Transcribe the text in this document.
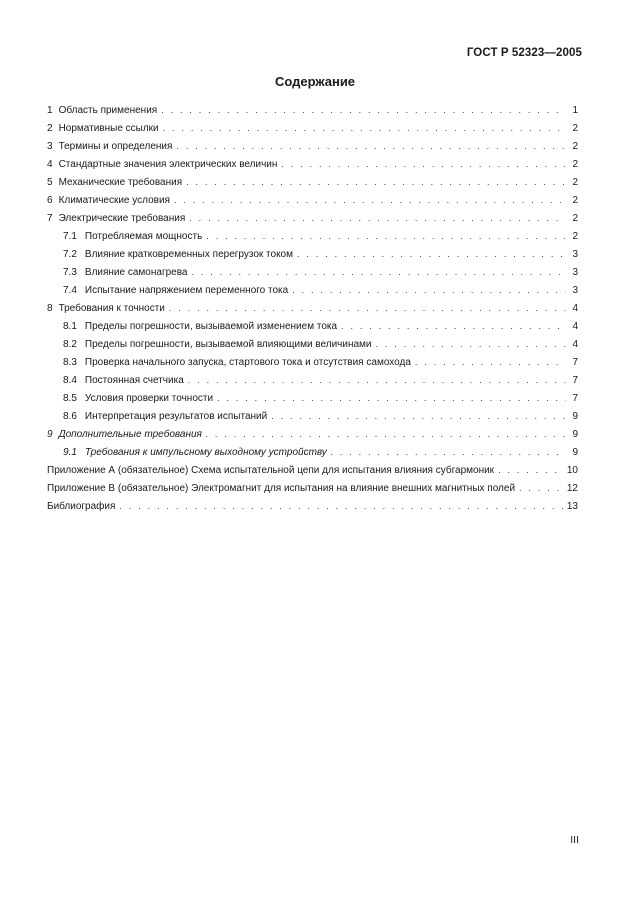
ГОСТ Р 52323—2005
Содержание
1 Область применения . . .	1
2 Нормативные ссылки . . .	2
3 Термины и определения . . .	2
4 Стандартные значения электрических величин . . .	2
5 Механические требования . . .	2
6 Климатические условия . . .	2
7 Электрические требования . . .	2
7.1 Потребляемая мощность . . .	2
7.2 Влияние кратковременных перегрузок током . . .	3
7.3 Влияние самонагрева . . .	3
7.4 Испытание напряжением переменного тока . . .	3
8 Требования к точности . . .	4
8.1 Пределы погрешности, вызываемой изменением тока . . .	4
8.2 Пределы погрешности, вызываемой влияющими величинами . . .	4
8.3 Проверка начального запуска, стартового тока и отсутствия самохода . . .	7
8.4 Постоянная счетчика . . .	7
8.5 Условия проверки точности . . .	7
8.6 Интерпретация результатов испытаний . . .	9
9 Дополнительные требования . . .	9
9.1 Требования к импульсному выходному устройству . . .	9
Приложение А (обязательное) Схема испытательной цепи для испытания влияния субгармоник . . .	10
Приложение В (обязательное) Электромагнит для испытания на влияние внешних магнитных полей . . .	12
Библиография . . .	13
III
